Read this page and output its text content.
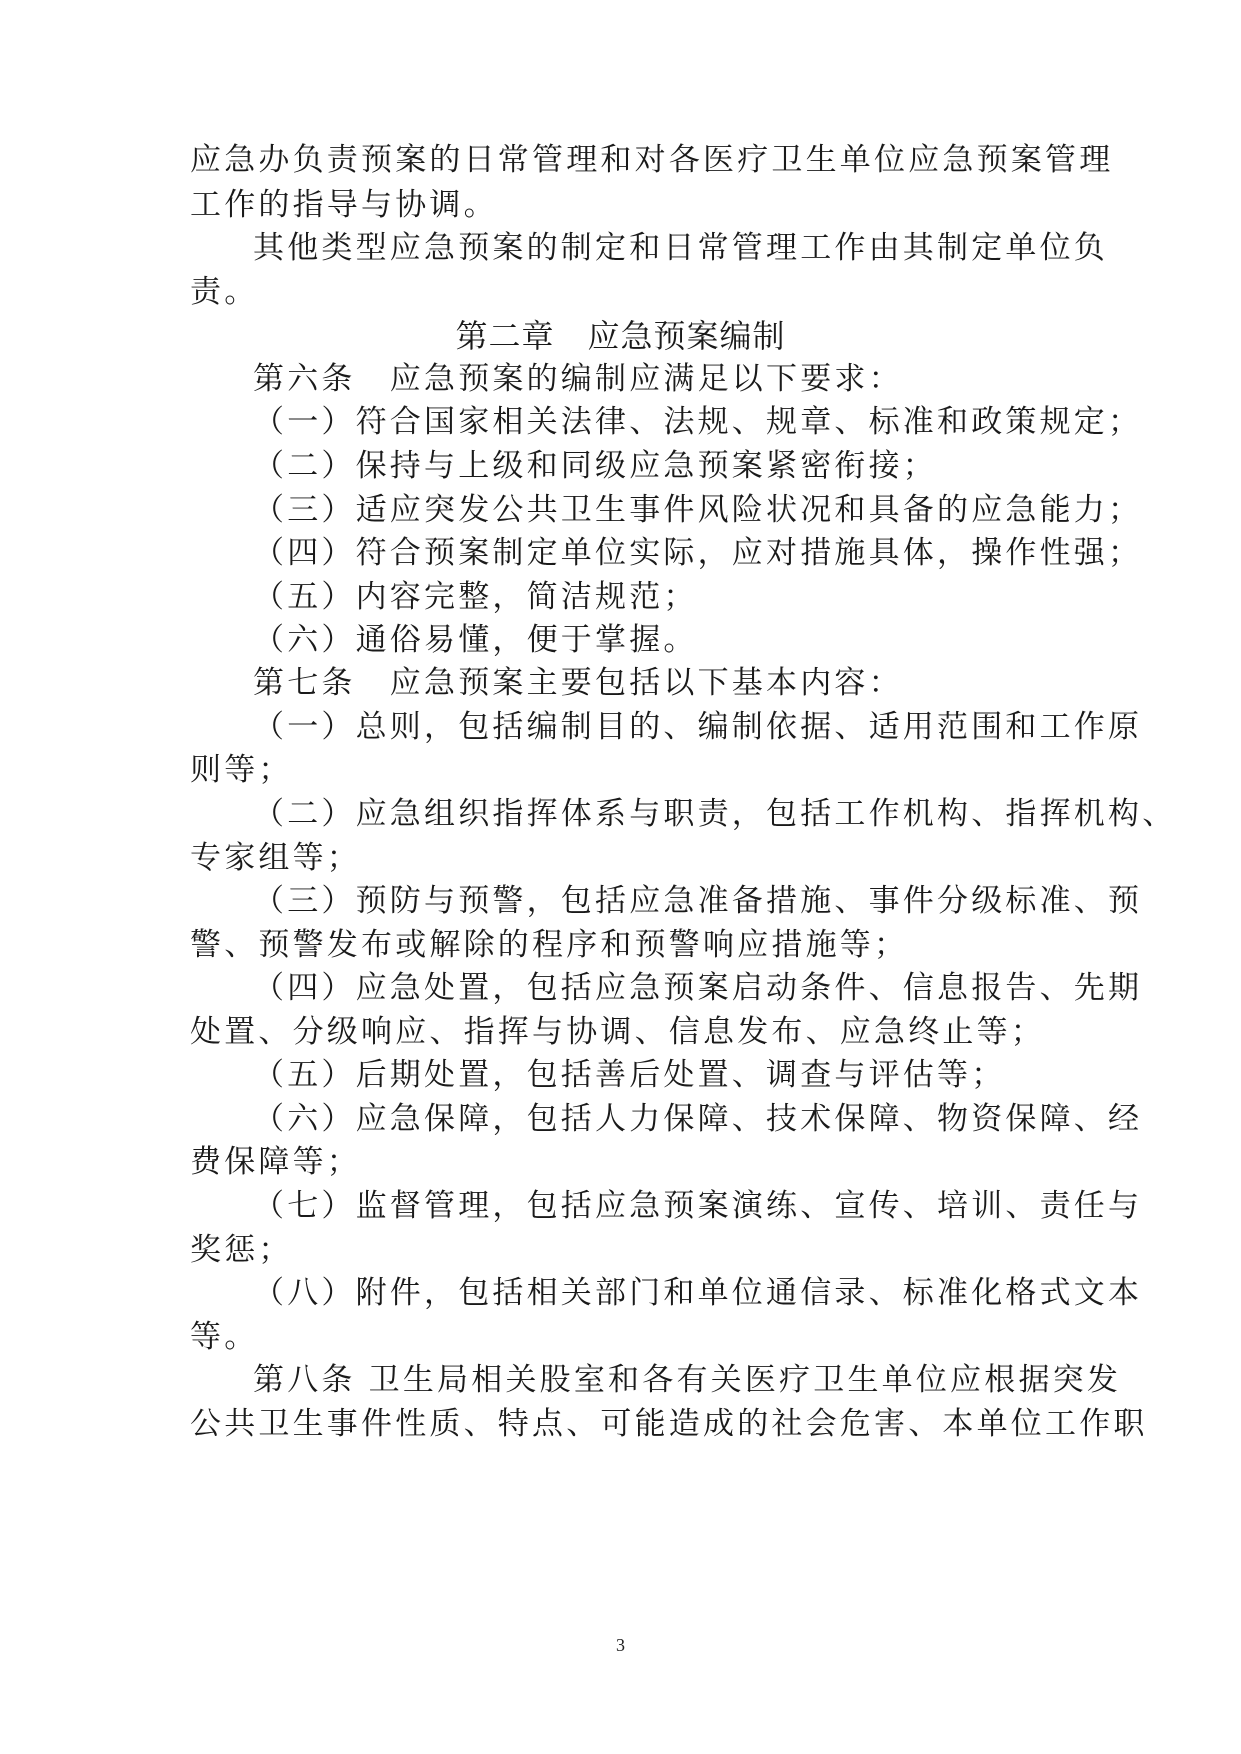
应急办负责预案的日常管理和对各医疗卫生单位应急预案管理
工作的指导与协调。
其他类型应急预案的制定和日常管理工作由其制定单位负
责。
第二章　应急预案编制
第六条　应急预案的编制应满足以下要求：
（一）符合国家相关法律、法规、规章、标准和政策规定；
（二）保持与上级和同级应急预案紧密衔接；
（三）适应突发公共卫生事件风险状况和具备的应急能力；
（四）符合预案制定单位实际，应对措施具体，操作性强；
（五）内容完整，简洁规范；
（六）通俗易懂，便于掌握。
第七条　应急预案主要包括以下基本内容：
（一）总则，包括编制目的、编制依据、适用范围和工作原
则等；
（二）应急组织指挥体系与职责，包括工作机构、指挥机构、
专家组等；
（三）预防与预警，包括应急准备措施、事件分级标准、预
警、预警发布或解除的程序和预警响应措施等；
（四）应急处置，包括应急预案启动条件、信息报告、先期
处置、分级响应、指挥与协调、信息发布、应急终止等；
（五）后期处置，包括善后处置、调查与评估等；
（六）应急保障，包括人力保障、技术保障、物资保障、经
费保障等；
（七）监督管理，包括应急预案演练、宣传、培训、责任与
奖惩；
（八）附件，包括相关部门和单位通信录、标准化格式文本
等。
第八条 卫生局相关股室和各有关医疗卫生单位应根据突发
公共卫生事件性质、特点、可能造成的社会危害、本单位工作职
3
